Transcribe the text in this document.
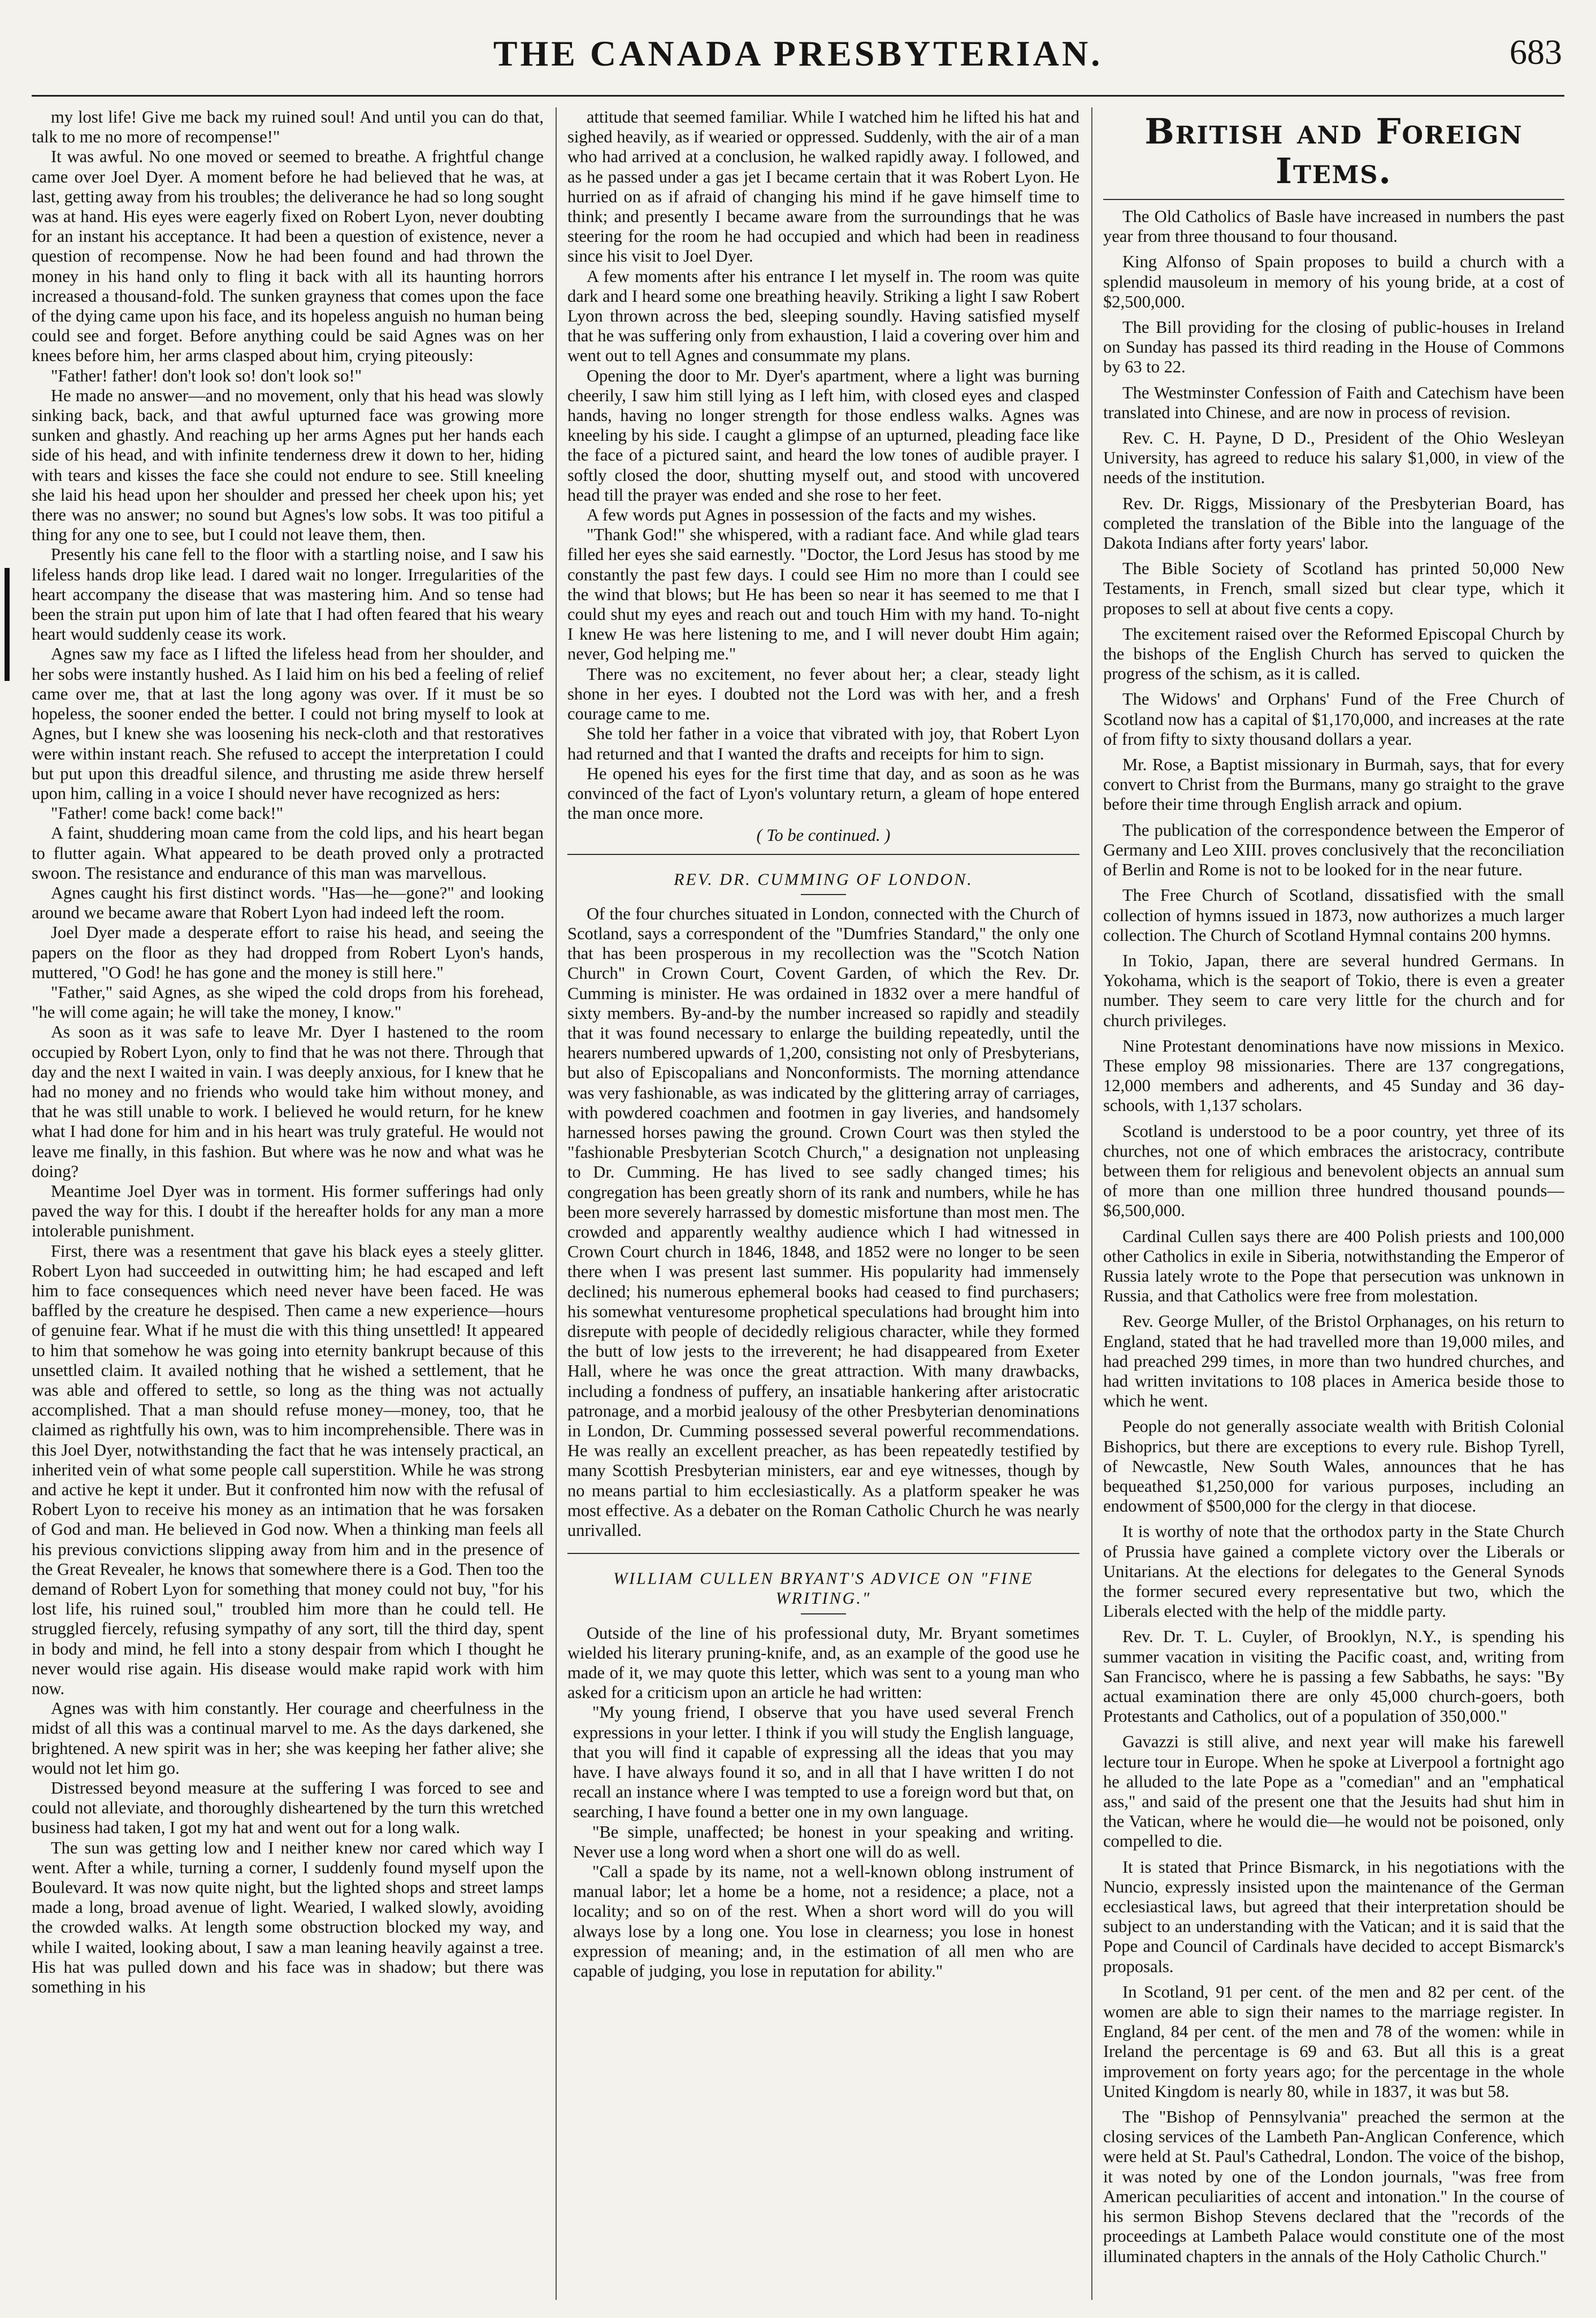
THE CANADA PRESBYTERIAN.	683

my lost life! Give me back my ruined soul! And until you can do that, talk to me no more of recompense!"

It was awful. No one moved or seemed to breathe. A frightful change came over Joel Dyer. A moment before he had believed that he was, at last, getting away from his troubles; the deliverance he had so long sought was at hand. His eyes were eagerly fixed on Robert Lyon, never doubting for an instant his acceptance. It had been a question of existence, never a question of recompense. Now he had been found and had thrown the money in his hand only to fling it back with all its haunting horrors increased a thousand-fold. The sunken grayness that comes upon the face of the dying came upon his face, and its hopeless anguish no human being could see and forget. Before anything could be said Agnes was on her knees before him, her arms clasped about him, crying piteously:

"Father! father! don't look so! don't look so!"

He made no answer—and no movement, only that his head was slowly sinking back, back, and that awful upturned face was growing more sunken and ghastly. And reaching up her arms Agnes put her hands each side of his head, and with infinite tenderness drew it down to her, hiding with tears and kisses the face she could not endure to see. Still kneeling she laid his head upon her shoulder and pressed her cheek upon his; yet there was no answer; no sound but Agnes's low sobs. It was too pitiful a thing for any one to see, but I could not leave them, then.

Presently his cane fell to the floor with a startling noise, and I saw his lifeless hands drop like lead. I dared wait no longer. Irregularities of the heart accompany the disease that was mastering him. And so tense had been the strain put upon him of late that I had often feared that his weary heart would suddenly cease its work.

Agnes saw my face as I lifted the lifeless head from her shoulder, and her sobs were instantly hushed. As I laid him on his bed a feeling of relief came over me, that at last the long agony was over. If it must be so hopeless, the sooner ended the better. I could not bring myself to look at Agnes, but I knew she was loosening his neck-cloth and that restoratives were within instant reach. She refused to accept the interpretation I could but put upon this dreadful silence, and thrusting me aside threw herself upon him, calling in a voice I should never have recognized as hers:

"Father! come back! come back!"

A faint, shuddering moan came from the cold lips, and his heart began to flutter again. What appeared to be death proved only a protracted swoon. The resistance and endurance of this man was marvellous.

Agnes caught his first distinct words. "Has—he—gone?" and looking around we became aware that Robert Lyon had indeed left the room.

Joel Dyer made a desperate effort to raise his head, and seeing the papers on the floor as they had dropped from Robert Lyon's hands, muttered, "O God! he has gone and the money is still here."

"Father," said Agnes, as she wiped the cold drops from his forehead, "he will come again; he will take the money, I know."

As soon as it was safe to leave Mr. Dyer I hastened to the room occupied by Robert Lyon, only to find that he was not there. Through that day and the next I waited in vain. I was deeply anxious, for I knew that he had no money and no friends who would take him without money, and that he was still unable to work. I believed he would return, for he knew what I had done for him and in his heart was truly grateful. He would not leave me finally, in this fashion. But where was he now and what was he doing?

Meantime Joel Dyer was in torment. His former sufferings had only paved the way for this. I doubt if the hereafter holds for any man a more intolerable punishment.

First, there was a resentment that gave his black eyes a steely glitter. Robert Lyon had succeeded in outwitting him; he had escaped and left him to face consequences which need never have been faced. He was baffled by the creature he despised. Then came a new experience—hours of genuine fear. What if he must die with this thing unsettled! It appeared to him that somehow he was going into eternity bankrupt because of this unsettled claim. It availed nothing that he wished a settlement, that he was able and offered to settle, so long as the thing was not actually accomplished. That a man should refuse money—money, too, that he claimed as rightfully his own, was to him incomprehensible. There was in this Joel Dyer, notwithstanding the fact that he was intensely practical, an inherited vein of what some people call superstition. While he was strong and active he kept it under. But it confronted him now with the refusal of Robert Lyon to receive his money as an intimation that he was forsaken of God and man. He believed in God now. When a thinking man feels all his previous convictions slipping away from him and in the presence of the Great Revealer, he knows that somewhere there is a God. Then too the demand of Robert Lyon for something that money could not buy, "for his lost life, his ruined soul," troubled him more than he could tell. He struggled fiercely, refusing sympathy of any sort, till the third day, spent in body and mind, he fell into a stony despair from which I thought he never would rise again. His disease would make rapid work with him now.

Agnes was with him constantly. Her courage and cheerfulness in the midst of all this was a continual marvel to me. As the days darkened, she brightened. A new spirit was in her; she was keeping her father alive; she would not let him go.

Distressed beyond measure at the suffering I was forced to see and could not alleviate, and thoroughly disheartened by the turn this wretched business had taken, I got my hat and went out for a long walk.

The sun was getting low and I neither knew nor cared which way I went. After a while, turning a corner, I suddenly found myself upon the Boulevard. It was now quite night, but the lighted shops and street lamps made a long, broad avenue of light. Wearied, I walked slowly, avoiding the crowded walks. At length some obstruction blocked my way, and while I waited, looking about, I saw a man leaning heavily against a tree. His hat was pulled down and his face was in shadow; but there was something in his

attitude that seemed familiar. While I watched him he lifted his hat and sighed heavily, as if wearied or oppressed. Suddenly, with the air of a man who had arrived at a conclusion, he walked rapidly away. I followed, and as he passed under a gas jet I became certain that it was Robert Lyon. He hurried on as if afraid of changing his mind if he gave himself time to think; and presently I became aware from the surroundings that he was steering for the room he had occupied and which had been in readiness since his visit to Joel Dyer.

A few moments after his entrance I let myself in. The room was quite dark and I heard some one breathing heavily. Striking a light I saw Robert Lyon thrown across the bed, sleeping soundly. Having satisfied myself that he was suffering only from exhaustion, I laid a covering over him and went out to tell Agnes and consummate my plans.

Opening the door to Mr. Dyer's apartment, where a light was burning cheerily, I saw him still lying as I left him, with closed eyes and clasped hands, having no longer strength for those endless walks. Agnes was kneeling by his side. I caught a glimpse of an upturned, pleading face like the face of a pictured saint, and heard the low tones of audible prayer. I softly closed the door, shutting myself out, and stood with uncovered head till the prayer was ended and she rose to her feet.

A few words put Agnes in possession of the facts and my wishes.

"Thank God!" she whispered, with a radiant face. And while glad tears filled her eyes she said earnestly. "Doctor, the Lord Jesus has stood by me constantly the past few days. I could see Him no more than I could see the wind that blows; but He has been so near it has seemed to me that I could shut my eyes and reach out and touch Him with my hand. To-night I knew He was here listening to me, and I will never doubt Him again; never, God helping me."

There was no excitement, no fever about her; a clear, steady light shone in her eyes. I doubted not the Lord was with her, and a fresh courage came to me.

She told her father in a voice that vibrated with joy, that Robert Lyon had returned and that I wanted the drafts and receipts for him to sign.

He opened his eyes for the first time that day, and as soon as he was convinced of the fact of Lyon's voluntary return, a gleam of hope entered the man once more.

( To be continued. )
REV. DR. CUMMING OF LONDON.

Of the four churches situated in London, connected with the Church of Scotland, says a correspondent of the "Dumfries Standard," the only one that has been prosperous in my recollection was the "Scotch Nation Church" in Crown Court, Covent Garden, of which the Rev. Dr. Cumming is minister. He was ordained in 1832 over a mere handful of sixty members. By-and-by the number increased so rapidly and steadily that it was found necessary to enlarge the building repeatedly, until the hearers numbered upwards of 1,200, consisting not only of Presbyterians, but also of Episcopalians and Nonconformists. The morning attendance was very fashionable, as was indicated by the glittering array of carriages, with powdered coachmen and footmen in gay liveries, and handsomely harnessed horses pawing the ground. Crown Court was then styled the "fashionable Presbyterian Scotch Church," a designation not unpleasing to Dr. Cumming. He has lived to see sadly changed times; his congregation has been greatly shorn of its rank and numbers, while he has been more severely harrassed by domestic misfortune than most men. The crowded and apparently wealthy audience which I had witnessed in Crown Court church in 1846, 1848, and 1852 were no longer to be seen there when I was present last summer. His popularity had immensely declined; his numerous ephemeral books had ceased to find purchasers; his somewhat venturesome prophetical speculations had brought him into disrepute with people of decidedly religious character, while they formed the butt of low jests to the irreverent; he had disappeared from Exeter Hall, where he was once the great attraction. With many drawbacks, including a fondness of puffery, an insatiable hankering after aristocratic patronage, and a morbid jealousy of the other Presbyterian denominations in London, Dr. Cumming possessed several powerful recommendations. He was really an excellent preacher, as has been repeatedly testified by many Scottish Presbyterian ministers, ear and eye witnesses, though by no means partial to him ecclesiastically. As a platform speaker he was most effective. As a debater on the Roman Catholic Church he was nearly unrivalled.

WILLIAM CULLEN BRYANT'S ADVICE ON "FINE WRITING."

Outside of the line of his professional duty, Mr. Bryant sometimes wielded his literary pruning-knife, and, as an example of the good use he made of it, we may quote this letter, which was sent to a young man who asked for a criticism upon an article he had written:

"My young friend, I observe that you have used several French expressions in your letter. I think if you will study the English language, that you will find it capable of expressing all the ideas that you may have. I have always found it so, and in all that I have written I do not recall an instance where I was tempted to use a foreign word but that, on searching, I have found a better one in my own language.

"Be simple, unaffected; be honest in your speaking and writing. Never use a long word when a short one will do as well.

"Call a spade by its name, not a well-known oblong instrument of manual labor; let a home be a home, not a residence; a place, not a locality; and so on of the rest. When a short word will do you will always lose by a long one. You lose in clearness; you lose in honest expression of meaning; and, in the estimation of all men who are capable of judging, you lose in reputation for ability."

British and Foreign Items.

The Old Catholics of Basle have increased in numbers the past year from three thousand to four thousand.

King Alfonso of Spain proposes to build a church with a splendid mausoleum in memory of his young bride, at a cost of $2,500,000.

The Bill providing for the closing of public-houses in Ireland on Sunday has passed its third reading in the House of Commons by 63 to 22.

The Westminster Confession of Faith and Catechism have been translated into Chinese, and are now in process of revision.

Rev. C. H. Payne, D D., President of the Ohio Wesleyan University, has agreed to reduce his salary $1,000, in view of the needs of the institution.

Rev. Dr. Riggs, Missionary of the Presbyterian Board, has completed the translation of the Bible into the language of the Dakota Indians after forty years' labor.

The Bible Society of Scotland has printed 50,000 New Testaments, in French, small sized but clear type, which it proposes to sell at about five cents a copy.

The excitement raised over the Reformed Episcopal Church by the bishops of the English Church has served to quicken the progress of the schism, as it is called.

The Widows' and Orphans' Fund of the Free Church of Scotland now has a capital of $1,170,000, and increases at the rate of from fifty to sixty thousand dollars a year.

Mr. Rose, a Baptist missionary in Burmah, says, that for every convert to Christ from the Burmans, many go straight to the grave before their time through English arrack and opium.

The publication of the correspondence between the Emperor of Germany and Leo XIII. proves conclusively that the reconciliation of Berlin and Rome is not to be looked for in the near future.

The Free Church of Scotland, dissatisfied with the small collection of hymns issued in 1873, now authorizes a much larger collection. The Church of Scotland Hymnal contains 200 hymns.

In Tokio, Japan, there are several hundred Germans. In Yokohama, which is the seaport of Tokio, there is even a greater number. They seem to care very little for the church and for church privileges.

Nine Protestant denominations have now missions in Mexico. These employ 98 missionaries. There are 137 congregations, 12,000 members and adherents, and 45 Sunday and 36 day-schools, with 1,137 scholars.

Scotland is understood to be a poor country, yet three of its churches, not one of which embraces the aristocracy, contribute between them for religious and benevolent objects an annual sum of more than one million three hundred thousand pounds—$6,500,000.

Cardinal Cullen says there are 400 Polish priests and 100,000 other Catholics in exile in Siberia, notwithstanding the Emperor of Russia lately wrote to the Pope that persecution was unknown in Russia, and that Catholics were free from molestation.

Rev. George Muller, of the Bristol Orphanages, on his return to England, stated that he had travelled more than 19,000 miles, and had preached 299 times, in more than two hundred churches, and had written invitations to 108 places in America beside those to which he went.

People do not generally associate wealth with British Colonial Bishoprics, but there are exceptions to every rule. Bishop Tyrell, of Newcastle, New South Wales, announces that he has bequeathed $1,250,000 for various purposes, including an endowment of $500,000 for the clergy in that diocese.

It is worthy of note that the orthodox party in the State Church of Prussia have gained a complete victory over the Liberals or Unitarians. At the elections for delegates to the General Synods the former secured every representative but two, which the Liberals elected with the help of the middle party.

Rev. Dr. T. L. Cuyler, of Brooklyn, N.Y., is spending his summer vacation in visiting the Pacific coast, and, writing from San Francisco, where he is passing a few Sabbaths, he says: "By actual examination there are only 45,000 church-goers, both Protestants and Catholics, out of a population of 350,000."

Gavazzi is still alive, and next year will make his farewell lecture tour in Europe. When he spoke at Liverpool a fortnight ago he alluded to the late Pope as a "comedian" and an "emphatical ass," and said of the present one that the Jesuits had shut him in the Vatican, where he would die—he would not be poisoned, only compelled to die.

It is stated that Prince Bismarck, in his negotiations with the Nuncio, expressly insisted upon the maintenance of the German ecclesiastical laws, but agreed that their interpretation should be subject to an understanding with the Vatican; and it is said that the Pope and Council of Cardinals have decided to accept Bismarck's proposals.

In Scotland, 91 per cent. of the men and 82 per cent. of the women are able to sign their names to the marriage register. In England, 84 per cent. of the men and 78 of the women: while in Ireland the percentage is 69 and 63. But all this is a great improvement on forty years ago; for the percentage in the whole United Kingdom is nearly 80, while in 1837, it was but 58.

The "Bishop of Pennsylvania" preached the sermon at the closing services of the Lambeth Pan-Anglican Conference, which were held at St. Paul's Cathedral, London. The voice of the bishop, it was noted by one of the London journals, "was free from American peculiarities of accent and intonation." In the course of his sermon Bishop Stevens declared that the "records of the proceedings at Lambeth Palace would constitute one of the most illuminated chapters in the annals of the Holy Catholic Church."
